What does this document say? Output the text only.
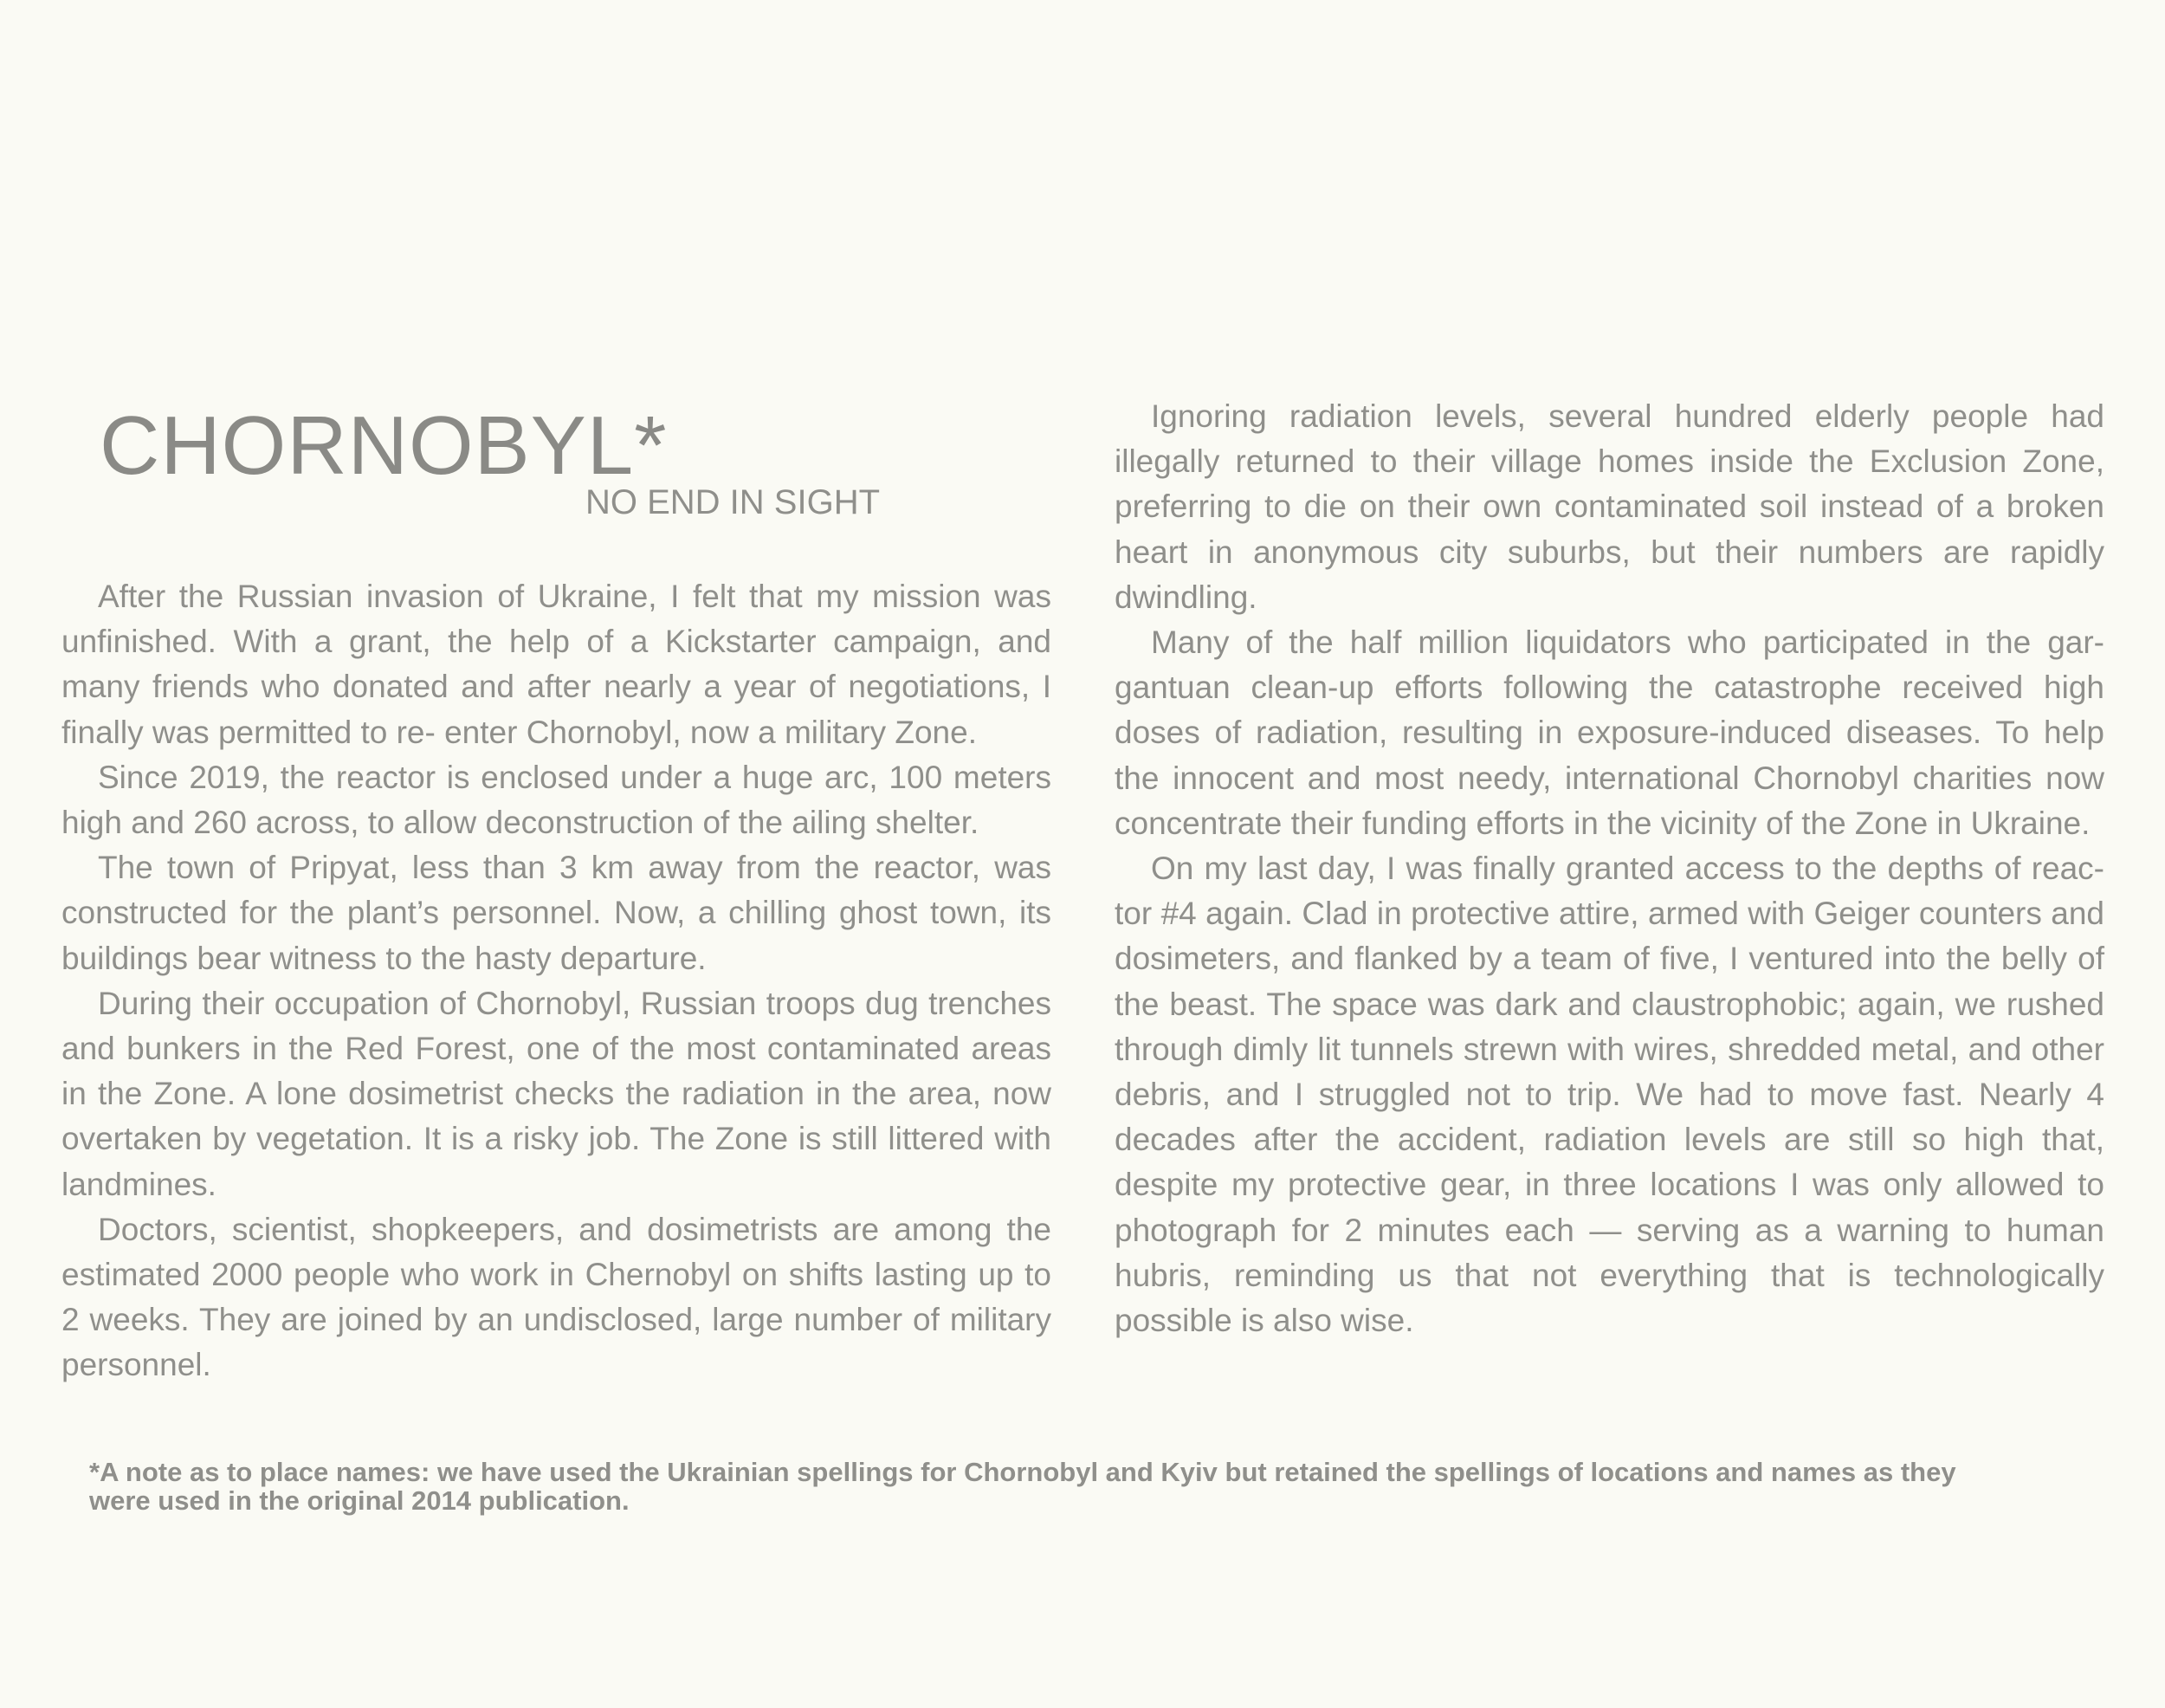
CHORNOBYL*
NO END IN SIGHT

After the Russian invasion of Ukraine, I felt that my mission was unfinished. With a grant, the help of a Kickstarter campaign, and many friends who donated and after nearly a year of negotiations, I finally was permitted to re- enter Chornobyl, now a military Zone.

Since 2019, the reactor is enclosed under a huge arc, 100 meters high and 260 across, to allow deconstruction of the ailing shelter.

The town of Pripyat, less than 3 km away from the reactor, was constructed for the plant’s personnel. Now, a chilling ghost town, its buildings bear witness to the hasty departure.

During their occupation of Chornobyl, Russian troops dug trenches and bunkers in the Red Forest, one of the most contaminated areas in the Zone. A lone dosimetrist checks the radiation in the area, now overtaken by vegetation. It is a risky job. The Zone is still littered with landmines.

Doctors, scientist, shopkeepers, and dosimetrists are among the estimated 2000 people who work in Chernobyl on shifts lasting up to 2 weeks. They are joined by an undisclosed, large number of military personnel.

Ignoring radiation levels, several hundred elderly people had illegally returned to their village homes inside the Exclusion Zone, preferring to die on their own contaminated soil instead of a broken heart in anonymous city suburbs, but their numbers are rapidly dwindling.

Many of the half million liquidators who participated in the gargantuan clean-up efforts following the catastrophe received high doses of radiation, resulting in exposure-induced diseases. To help the innocent and most needy, international Chornobyl charities now concentrate their funding efforts in the vicinity of the Zone in Ukraine.

On my last day, I was finally granted access to the depths of reactor #4 again. Clad in protective attire, armed with Geiger counters and dosimeters, and flanked by a team of five, I ventured into the belly of the beast. The space was dark and claustrophobic; again, we rushed through dimly lit tunnels strewn with wires, shredded metal, and other debris, and I struggled not to trip. We had to move fast. Nearly 4 decades after the accident, radiation levels are still so high that, despite my protective gear, in three locations I was only allowed to photograph for 2 minutes each — serving as a warning to human hubris, reminding us that not everything that is technologically possible is also wise.

*A note as to place names: we have used the Ukrainian spellings for Chornobyl and Kyiv but retained the spellings of locations and names as they were used in the original 2014 publication.
